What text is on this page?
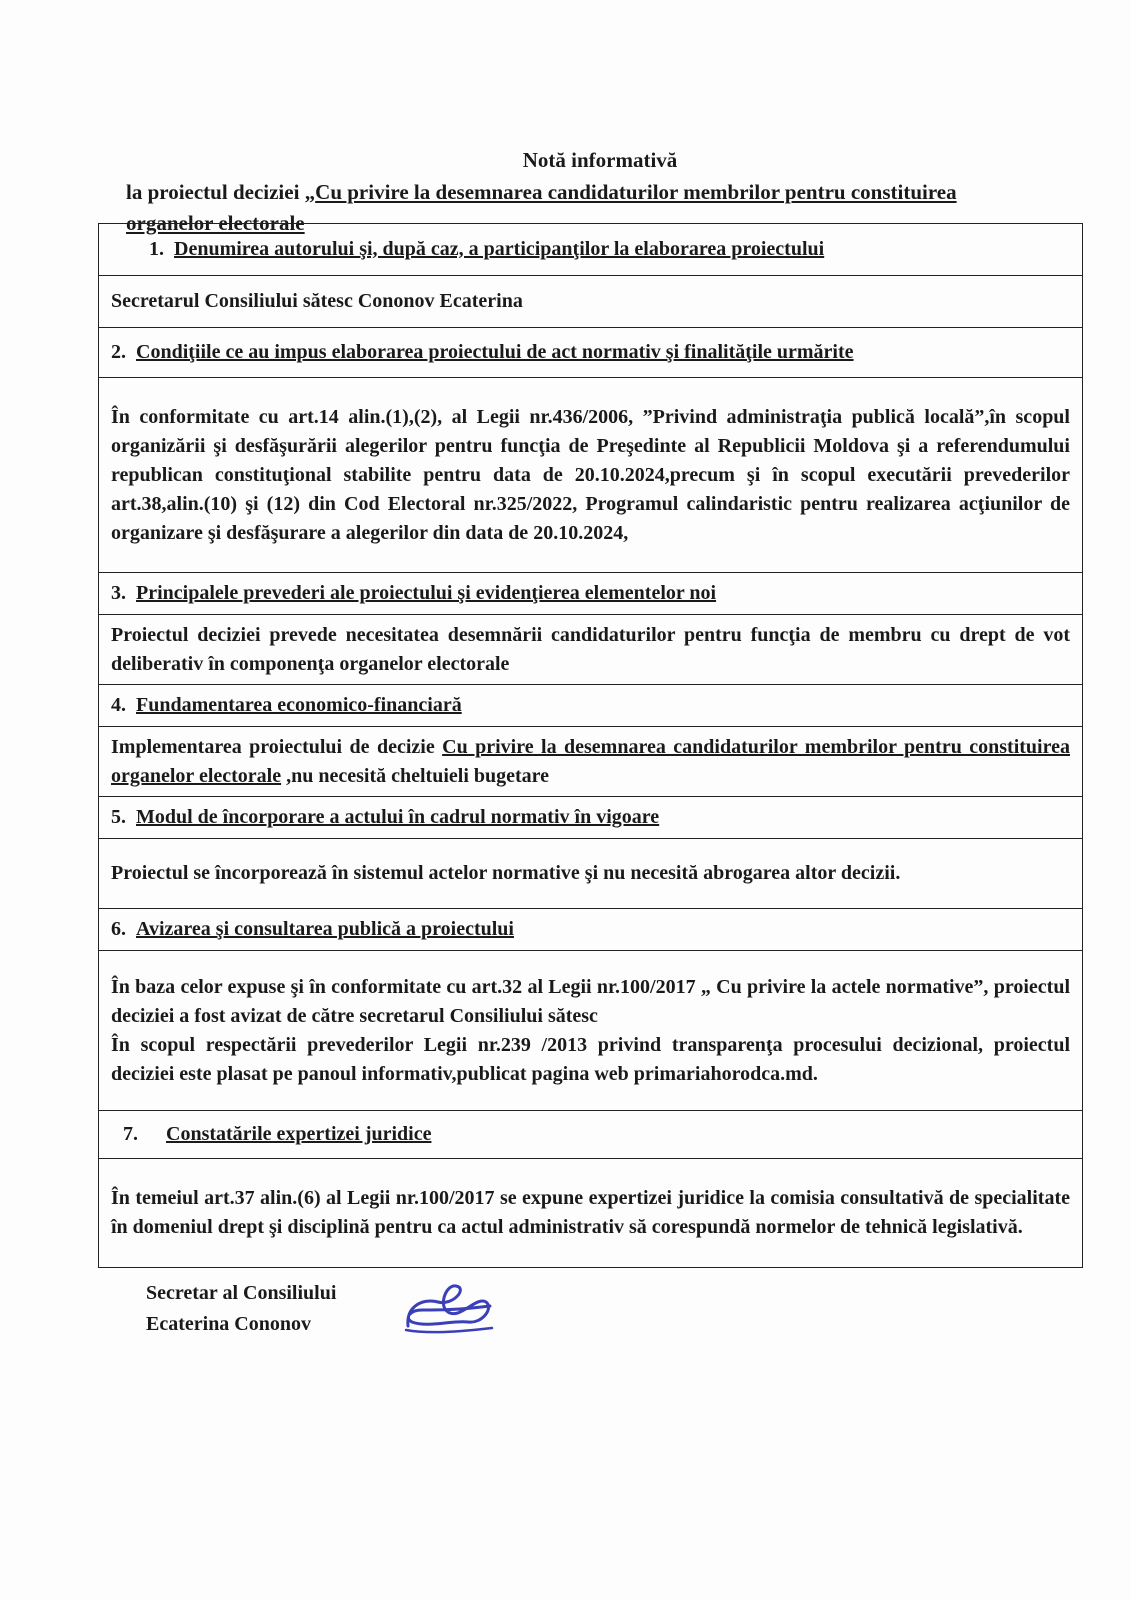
Notă informativă
la proiectul deciziei „Cu privire la desemnarea candidaturilor membrilor pentru constituirea organelor electorale
1. Denumirea autorului şi, după caz, a participanţilor la elaborarea proiectului
Secretarul Consiliului sătesc Cononov Ecaterina
2. Condiţiile ce au impus elaborarea proiectului de act normativ şi finalităţile urmărite
În conformitate cu art.14 alin.(1),(2), al Legii nr.436/2006, ”Privind administraţia publică locală”,în scopul organizării şi desfăşurării alegerilor pentru funcţia de Preşedinte al Republicii Moldova şi a referendumului republican constituţional stabilite pentru data de 20.10.2024,precum şi în scopul executării prevederilor art.38,alin.(10) şi (12) din Cod Electoral nr.325/2022, Programul calindaristic pentru realizarea acţiunilor de organizare şi desfăşurare a alegerilor din data de 20.10.2024,
3. Principalele prevederi ale proiectului şi evidenţierea elementelor noi
Proiectul deciziei prevede necesitatea desemnării candidaturilor pentru funcţia de membru cu drept de vot deliberativ în componenţa organelor electorale
4. Fundamentarea economico-financiară
Implementarea proiectului de decizie Cu privire la desemnarea candidaturilor membrilor pentru constituirea organelor electorale ,nu necesită cheltuieli bugetare
5. Modul de încorporare a actului în cadrul normativ în vigoare
Proiectul se încorporează în sistemul actelor normative şi nu necesită abrogarea altor decizii.
6. Avizarea şi consultarea publică a proiectului
În baza celor expuse şi în conformitate cu art.32 al Legii nr.100/2017 „ Cu privire la actele normative”, proiectul deciziei a fost avizat de către secretarul Consiliului sătesc
În scopul respectării prevederilor Legii nr.239 /2013 privind transparenţa procesului decizional, proiectul deciziei este plasat pe panoul informativ,publicat pagina web primariahorodca.md.
7. Constatările expertizei juridice
În temeiul art.37 alin.(6) al Legii nr.100/2017 se expune expertizei juridice la comisia consultativă de specialitate în domeniul drept şi disciplină pentru ca actul administrativ să corespundă normelor de tehnică legislativă.
Secretar al Consiliului
Ecaterina Cononov
